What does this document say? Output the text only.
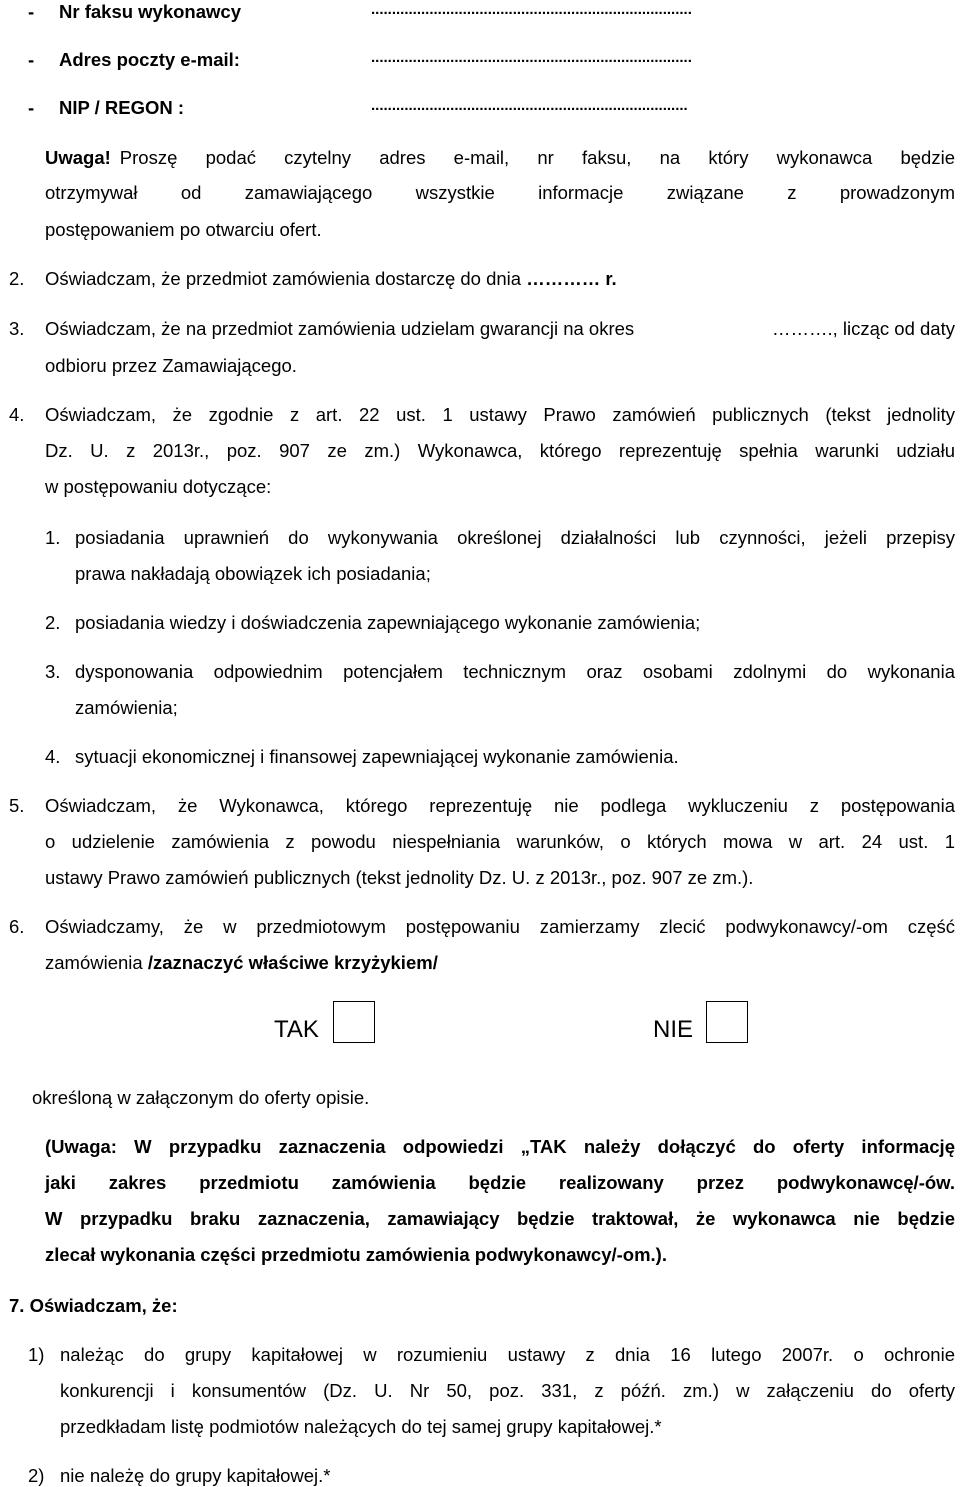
- Nr faksu wykonawcy	.............................................................................
- Adres poczty e-mail:	.............................................................................
- NIP / REGON :	............................................................................
Uwaga! Proszę podać czytelny adres e-mail, nr faksu, na który wykonawca będzie
otrzymywał od zamawiającego wszystkie informacje związane z prowadzonym
postępowaniem po otwarciu ofert.
2. Oświadczam, że przedmiot zamówienia dostarczę do dnia ………… r.
3. Oświadczam, że na przedmiot zamówienia udzielam gwarancji na okres	………., licząc od daty
odbioru przez Zamawiającego.
4. Oświadczam, że zgodnie z art. 22 ust. 1 ustawy Prawo zamówień publicznych (tekst jednolity
Dz. U. z 2013r., poz. 907 ze zm.) Wykonawca, którego reprezentuję spełnia warunki udziału
w postępowaniu dotyczące:
1. posiadania uprawnień do wykonywania określonej działalności lub czynności, jeżeli przepisy
prawa nakładają obowiązek ich posiadania;
2. posiadania wiedzy i doświadczenia zapewniającego wykonanie zamówienia;
3. dysponowania odpowiednim potencjałem technicznym oraz osobami zdolnymi do wykonania
zamówienia;
4. sytuacji ekonomicznej i finansowej zapewniającej wykonanie zamówienia.
5. Oświadczam, że Wykonawca, którego reprezentuję nie podlega wykluczeniu z postępowania
o udzielenie zamówienia z powodu niespełniania warunków, o których mowa w art. 24 ust. 1
ustawy Prawo zamówień publicznych (tekst jednolity Dz. U. z 2013r., poz. 907 ze zm.).
6. Oświadczamy, że w przedmiotowym postępowaniu zamierzamy zlecić podwykonawcy/-om część
zamówienia /zaznaczyć właściwe krzyżykiem/
TAK	NIE
określoną w załączonym do oferty opisie.
(Uwaga: W przypadku zaznaczenia odpowiedzi „TAK należy dołączyć do oferty informację
jaki zakres przedmiotu zamówienia będzie realizowany przez podwykonawcę/-ów.
W przypadku braku zaznaczenia, zamawiający będzie traktował, że wykonawca nie będzie
zlecał wykonania części przedmiotu zamówienia podwykonawcy/-om.).
7. Oświadczam, że:
1) należąc do grupy kapitałowej w rozumieniu ustawy z dnia 16 lutego 2007r. o ochronie
konkurencji i konsumentów (Dz. U. Nr 50, poz. 331, z późń. zm.) w załączeniu do oferty
przedkładam listę podmiotów należących do tej samej grupy kapitałowej.*
2) nie należę do grupy kapitałowej.*
